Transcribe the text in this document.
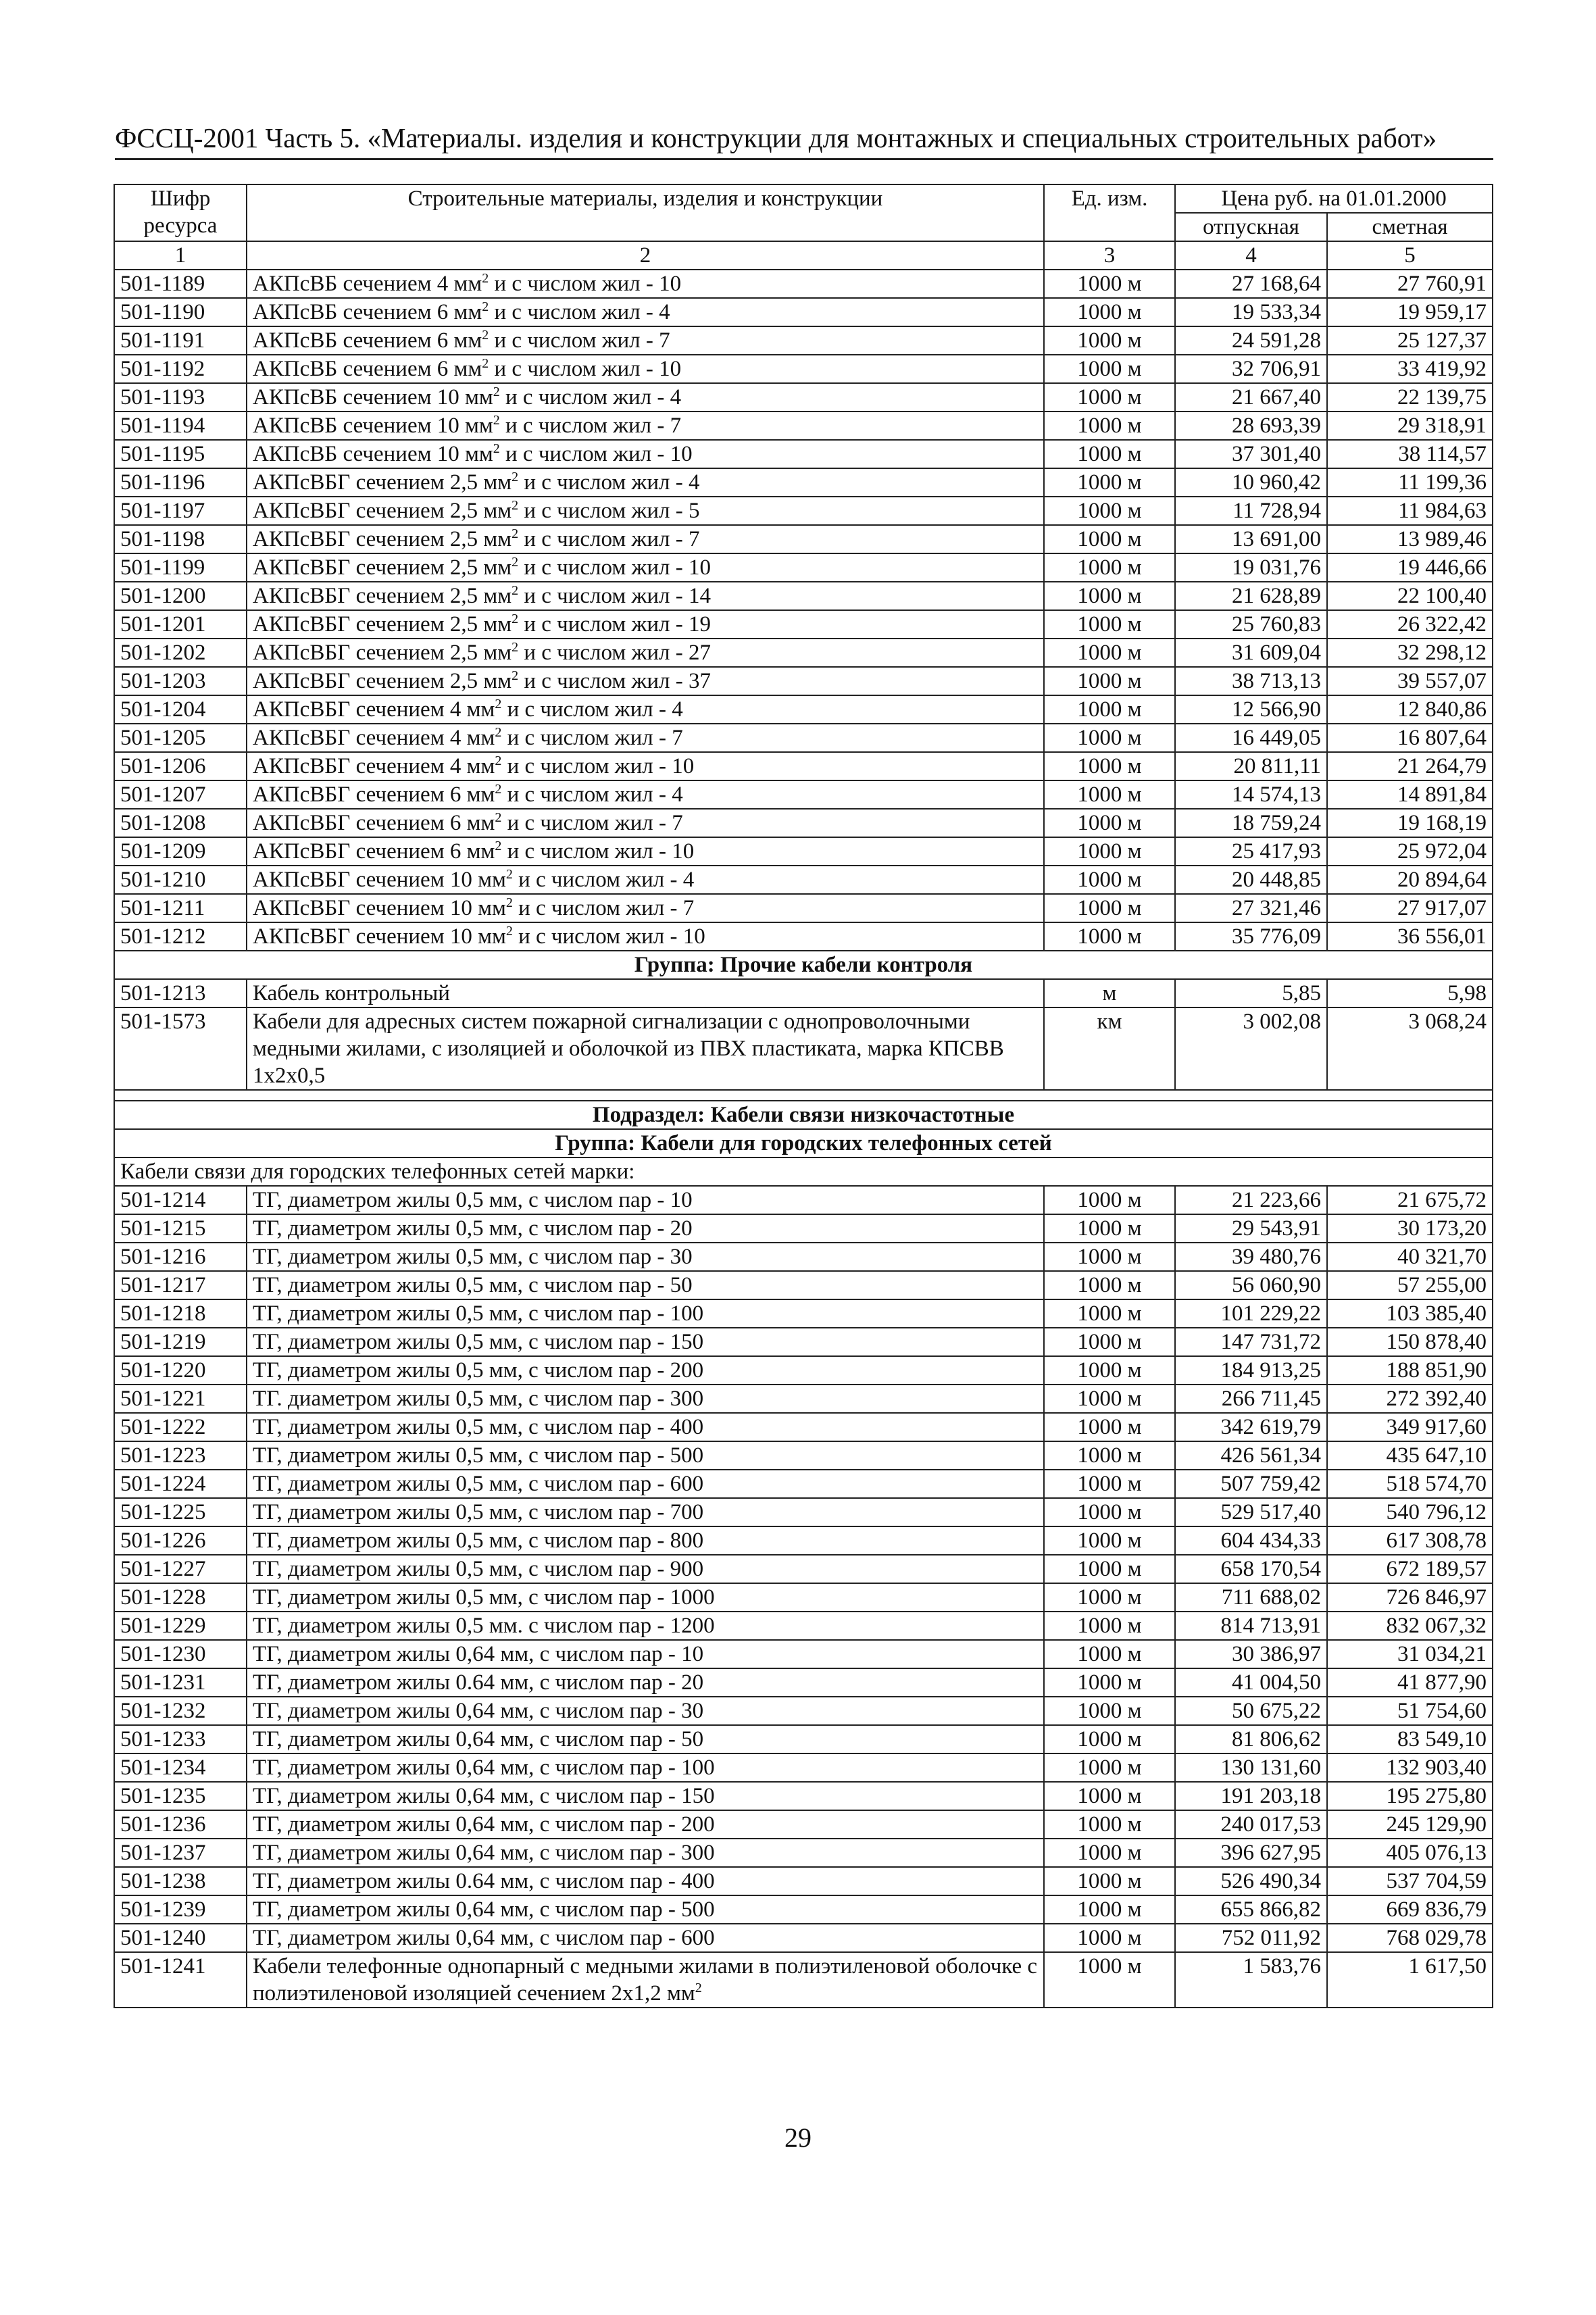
ФССЦ-2001 Часть 5. «Материалы. изделия и конструкции для монтажных и специальных строительных работ»
Шифр ресурса	Строительные материалы, изделия и конструкции	Ед. изм.	Цена руб. на 01.01.2000	
			отпускная	сметная
1	2	3	4	5
501-1189	АКПсВБ сечением 4 $мм^2$ и с числом жил - 10	1000 м	27 168,64	27 760,91
501-1190	АКПсВБ сечением 6 $мм^2$ и с числом жил - 4	1000 м	19 533,34	19 959,17
501-1191	АКПсВБ сечением 6 $мм^2$ и с числом жил - 7	1000 м	24 591,28	25 127,37
501-1192	АКПсВБ сечением 6 $мм^2$ и с числом жил - 10	1000 м	32 706,91	33 419,92
501-1193	АКПсВБ сечением 10 $мм^2$ и с числом жил - 4	1000 м	21 667,40	22 139,75
501-1194	АКПсВБ сечением 10 $мм^2$ и с числом жил - 7	1000 м	28 693,39	29 318,91
501-1195	АКПсВБ сечением 10 $мм^2$ и с числом жил - 10	1000 м	37 301,40	38 114,57
501-1196	АКПсВБГ сечением 2,5 $мм^2$ и с числом жил - 4	1000 м	10 960,42	11 199,36
501-1197	АКПсВБГ сечением 2,5 $мм^2$ и с числом жил - 5	1000 м	11 728,94	11 984,63
501-1198	АКПсВБГ сечением 2,5 $мм^2$ и с числом жил - 7	1000 м	13 691,00	13 989,46
501-1199	АКПсВБГ сечением 2,5 $мм^2$ и с числом жил - 10	1000 м	19 031,76	19 446,66
501-1200	АКПсВБГ сечением 2,5 $мм^2$ и с числом жил - 14	1000 м	21 628,89	22 100,40
501-1201	АКПсВБГ сечением 2,5 $мм^2$ и с числом жил - 19	1000 м	25 760,83	26 322,42
501-1202	АКПсВБГ сечением 2,5 $мм^2$ и с числом жил - 27	1000 м	31 609,04	32 298,12
501-1203	АКПсВБГ сечением 2,5 $мм^2$ и с числом жил - 37	1000 м	38 713,13	39 557,07
501-1204	АКПсВБГ сечением 4 $мм^2$ и с числом жил - 4	1000 м	12 566,90	12 840,86
501-1205	АКПсВБГ сечением 4 $мм^2$ и с числом жил - 7	1000 м	16 449,05	16 807,64
501-1206	АКПсВБГ сечением 4 $мм^2$ и с числом жил - 10	1000 м	20 811,11	21 264,79
501-1207	АКПсВБГ сечением 6 $мм^2$ и с числом жил - 4	1000 м	14 574,13	14 891,84
501-1208	АКПсВБГ сечением 6 $мм^2$ и с числом жил - 7	1000 м	18 759,24	19 168,19
501-1209	АКПсВБГ сечением 6 $мм^2$ и с числом жил - 10	1000 м	25 417,93	25 972,04
501-1210	АКПсВБГ сечением 10 $мм^2$ и с числом жил - 4	1000 м	20 448,85	20 894,64
501-1211	АКПсВБГ сечением 10 $мм^2$ и с числом жил - 7	1000 м	27 321,46	27 917,07
501-1212	АКПсВБГ сечением 10 $мм^2$ и с числом жил - 10	1000 м	35 776,09	36 556,01
Группа: Прочие кабели контроля				
501-1213	Кабель контрольный	м	5,85	5,98
501-1573	Кабели для адресных систем пожарной сигнализации с однопроволочными медными жилами, с изоляцией и оболочкой из ПВХ пластиката, марка КПСВВ 1х2х0,5	км	3 002,08	3 068,24

Подраздел: Кабели связи низкочастотные				
Группа: Кабели для городских телефонных сетей				
Кабели связи для городских телефонных сетей марки:				
501-1214	ТГ, диаметром жилы 0,5 мм, с числом пар - 10	1000 м	21 223,66	21 675,72
501-1215	ТГ, диаметром жилы 0,5 мм, с числом пар - 20	1000 м	29 543,91	30 173,20
501-1216	ТГ, диаметром жилы 0,5 мм, с числом пар - 30	1000 м	39 480,76	40 321,70
501-1217	ТГ, диаметром жилы 0,5 мм, с числом пар - 50	1000 м	56 060,90	57 255,00
501-1218	ТГ, диаметром жилы 0,5 мм, с числом пар - 100	1000 м	101 229,22	103 385,40
501-1219	ТГ, диаметром жилы 0,5 мм, с числом пар - 150	1000 м	147 731,72	150 878,40
501-1220	ТГ, диаметром жилы 0,5 мм, с числом пар - 200	1000 м	184 913,25	188 851,90
501-1221	ТГ. диаметром жилы 0,5 мм, с числом пар - 300	1000 м	266 711,45	272 392,40
501-1222	ТГ, диаметром жилы 0,5 мм, с числом пар - 400	1000 м	342 619,79	349 917,60
501-1223	ТГ, диаметром жилы 0,5 мм, с числом пар - 500	1000 м	426 561,34	435 647,10
501-1224	ТГ, диаметром жилы 0,5 мм, с числом пар - 600	1000 м	507 759,42	518 574,70
501-1225	ТГ, диаметром жилы 0,5 мм, с числом пар - 700	1000 м	529 517,40	540 796,12
501-1226	ТГ, диаметром жилы 0,5 мм, с числом пар - 800	1000 м	604 434,33	617 308,78
501-1227	ТГ, диаметром жилы 0,5 мм, с числом пар - 900	1000 м	658 170,54	672 189,57
501-1228	ТГ, диаметром жилы 0,5 мм, с числом пар - 1000	1000 м	711 688,02	726 846,97
501-1229	ТГ, диаметром жилы 0,5 мм. с числом пар - 1200	1000 м	814 713,91	832 067,32
501-1230	ТГ, диаметром жилы 0,64 мм, с числом пар - 10	1000 м	30 386,97	31 034,21
501-1231	ТГ, диаметром жилы 0.64 мм, с числом пар - 20	1000 м	41 004,50	41 877,90
501-1232	ТГ, диаметром жилы 0,64 мм, с числом пар - 30	1000 м	50 675,22	51 754,60
501-1233	ТГ, диаметром жилы 0,64 мм, с числом пар - 50	1000 м	81 806,62	83 549,10
501-1234	ТГ, диаметром жилы 0,64 мм, с числом пар - 100	1000 м	130 131,60	132 903,40
501-1235	ТГ, диаметром жилы 0,64 мм, с числом пар - 150	1000 м	191 203,18	195 275,80
501-1236	ТГ, диаметром жилы 0,64 мм, с числом пар - 200	1000 м	240 017,53	245 129,90
501-1237	ТГ, диаметром жилы 0,64 мм, с числом пар - 300	1000 м	396 627,95	405 076,13
501-1238	ТГ, диаметром жилы 0.64 мм, с числом пар - 400	1000 м	526 490,34	537 704,59
501-1239	ТГ, диаметром жилы 0,64 мм, с числом пар - 500	1000 м	655 866,82	669 836,79
501-1240	ТГ, диаметром жилы 0,64 мм, с числом пар - 600	1000 м	752 011,92	768 029,78
501-1241	Кабели телефонные однопарный с медными жилами в полиэтиленовой оболочке с полиэтиленовой изоляцией сечением 2х1,2 $мм^2$	1000 м	1 583,76	1 617,50
29
